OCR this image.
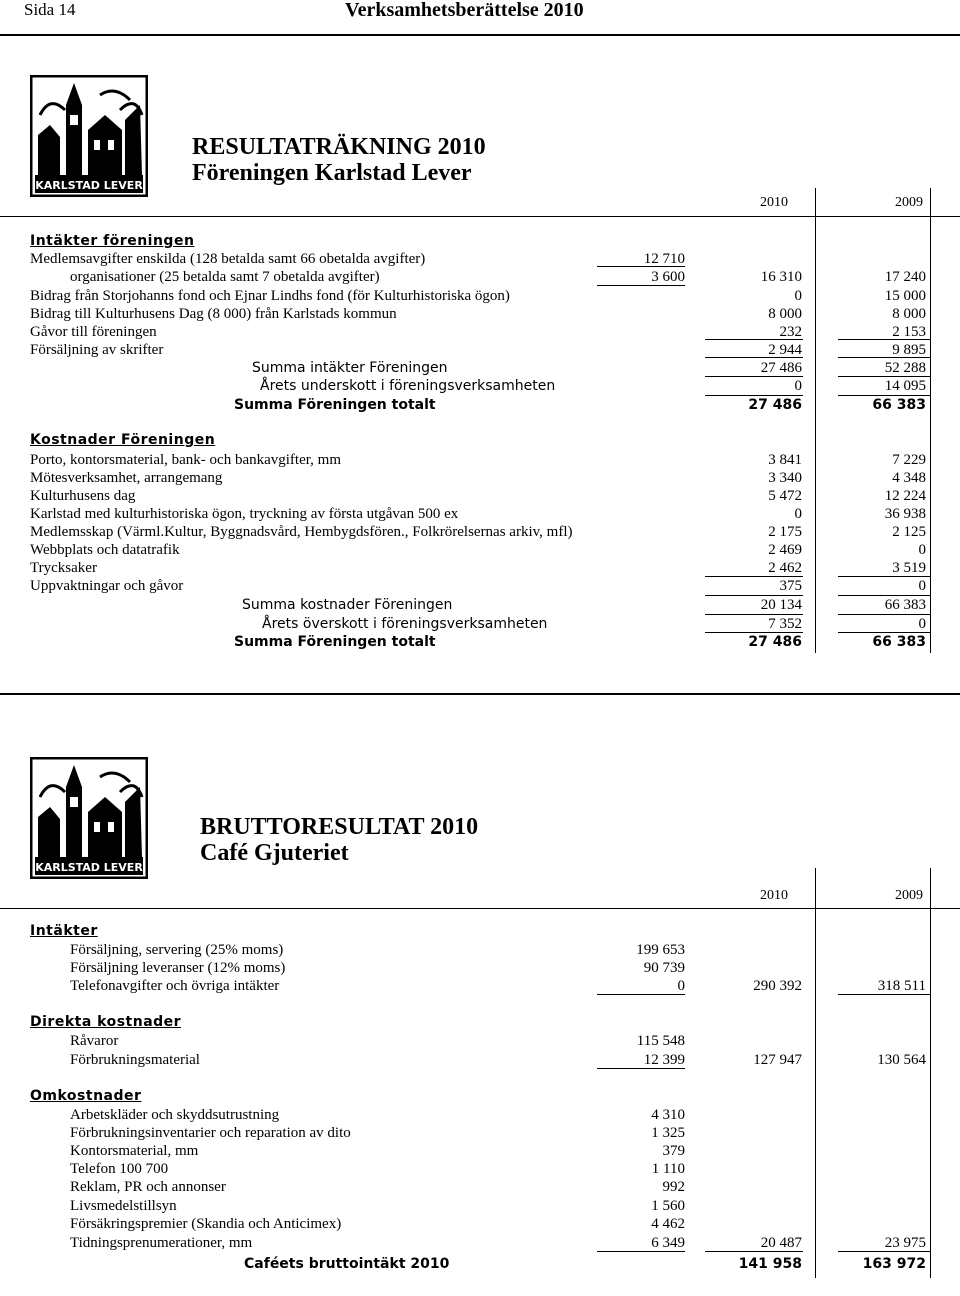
Sida 14	Verksamhetsberättelse 2010
KARLSTAD LEVER
RESULTATRÄKNING 2010
Föreningen Karlstad Lever
2010	2009
Intäkter föreningen
Medlemsavgifter enskilda (128 betalda samt 66 obetalda avgifter)	12 710
organisationer (25 betalda samt 7 obetalda avgifter)	3 600	16 310	17 240
Bidrag från Storjohanns fond och Ejnar Lindhs fond (för Kulturhistoriska ögon)	0	15 000
Bidrag till Kulturhusens Dag (8 000) från Karlstads kommun	8 000	8 000
Gåvor till föreningen	232	2 153
Försäljning av skrifter	2 944	9 895
Summa intäkter Föreningen	27 486	52 288
Årets underskott i föreningsverksamheten	0	14 095
Summa Föreningen totalt	27 486	66 383
Kostnader Föreningen
Porto, kontorsmaterial, bank- och bankavgifter, mm	3 841	7 229
Mötesverksamhet, arrangemang	3 340	4 348
Kulturhusens dag	5 472	12 224
Karlstad med kulturhistoriska ögon, tryckning av första utgåvan 500 ex	0	36 938
Medlemsskap (Värml.Kultur, Byggnadsvård, Hembygdsfören., Folkrörelsernas arkiv, mfl)	2 175	2 125
Webbplats och datatrafik	2 469	0
Trycksaker	2 462	3 519
Uppvaktningar och gåvor	375	0
Summa kostnader Föreningen	20 134	66 383
Årets överskott i föreningsverksamheten	7 352	0
Summa Föreningen totalt	27 486	66 383
KARLSTAD LEVER
BRUTTORESULTAT 2010
Café Gjuteriet
2010	2009
Intäkter
Försäljning, servering (25% moms)	199 653
Försäljning leveranser (12% moms)	90 739
Telefonavgifter och övriga intäkter	0	290 392	318 511
Direkta kostnader
Råvaror	115 548
Förbrukningsmaterial	12 399	127 947	130 564
Omkostnader
Arbetskläder och skyddsutrustning	4 310
Förbrukningsinventarier och reparation av dito	1 325
Kontorsmaterial, mm	379
Telefon 100 700	1 110
Reklam, PR och annonser	992
Livsmedelstillsyn	1 560
Försäkringspremier (Skandia och Anticimex)	4 462
Tidningsprenumerationer, mm	6 349	20 487	23 975
Caféets bruttointäkt 2010	141 958	163 972
